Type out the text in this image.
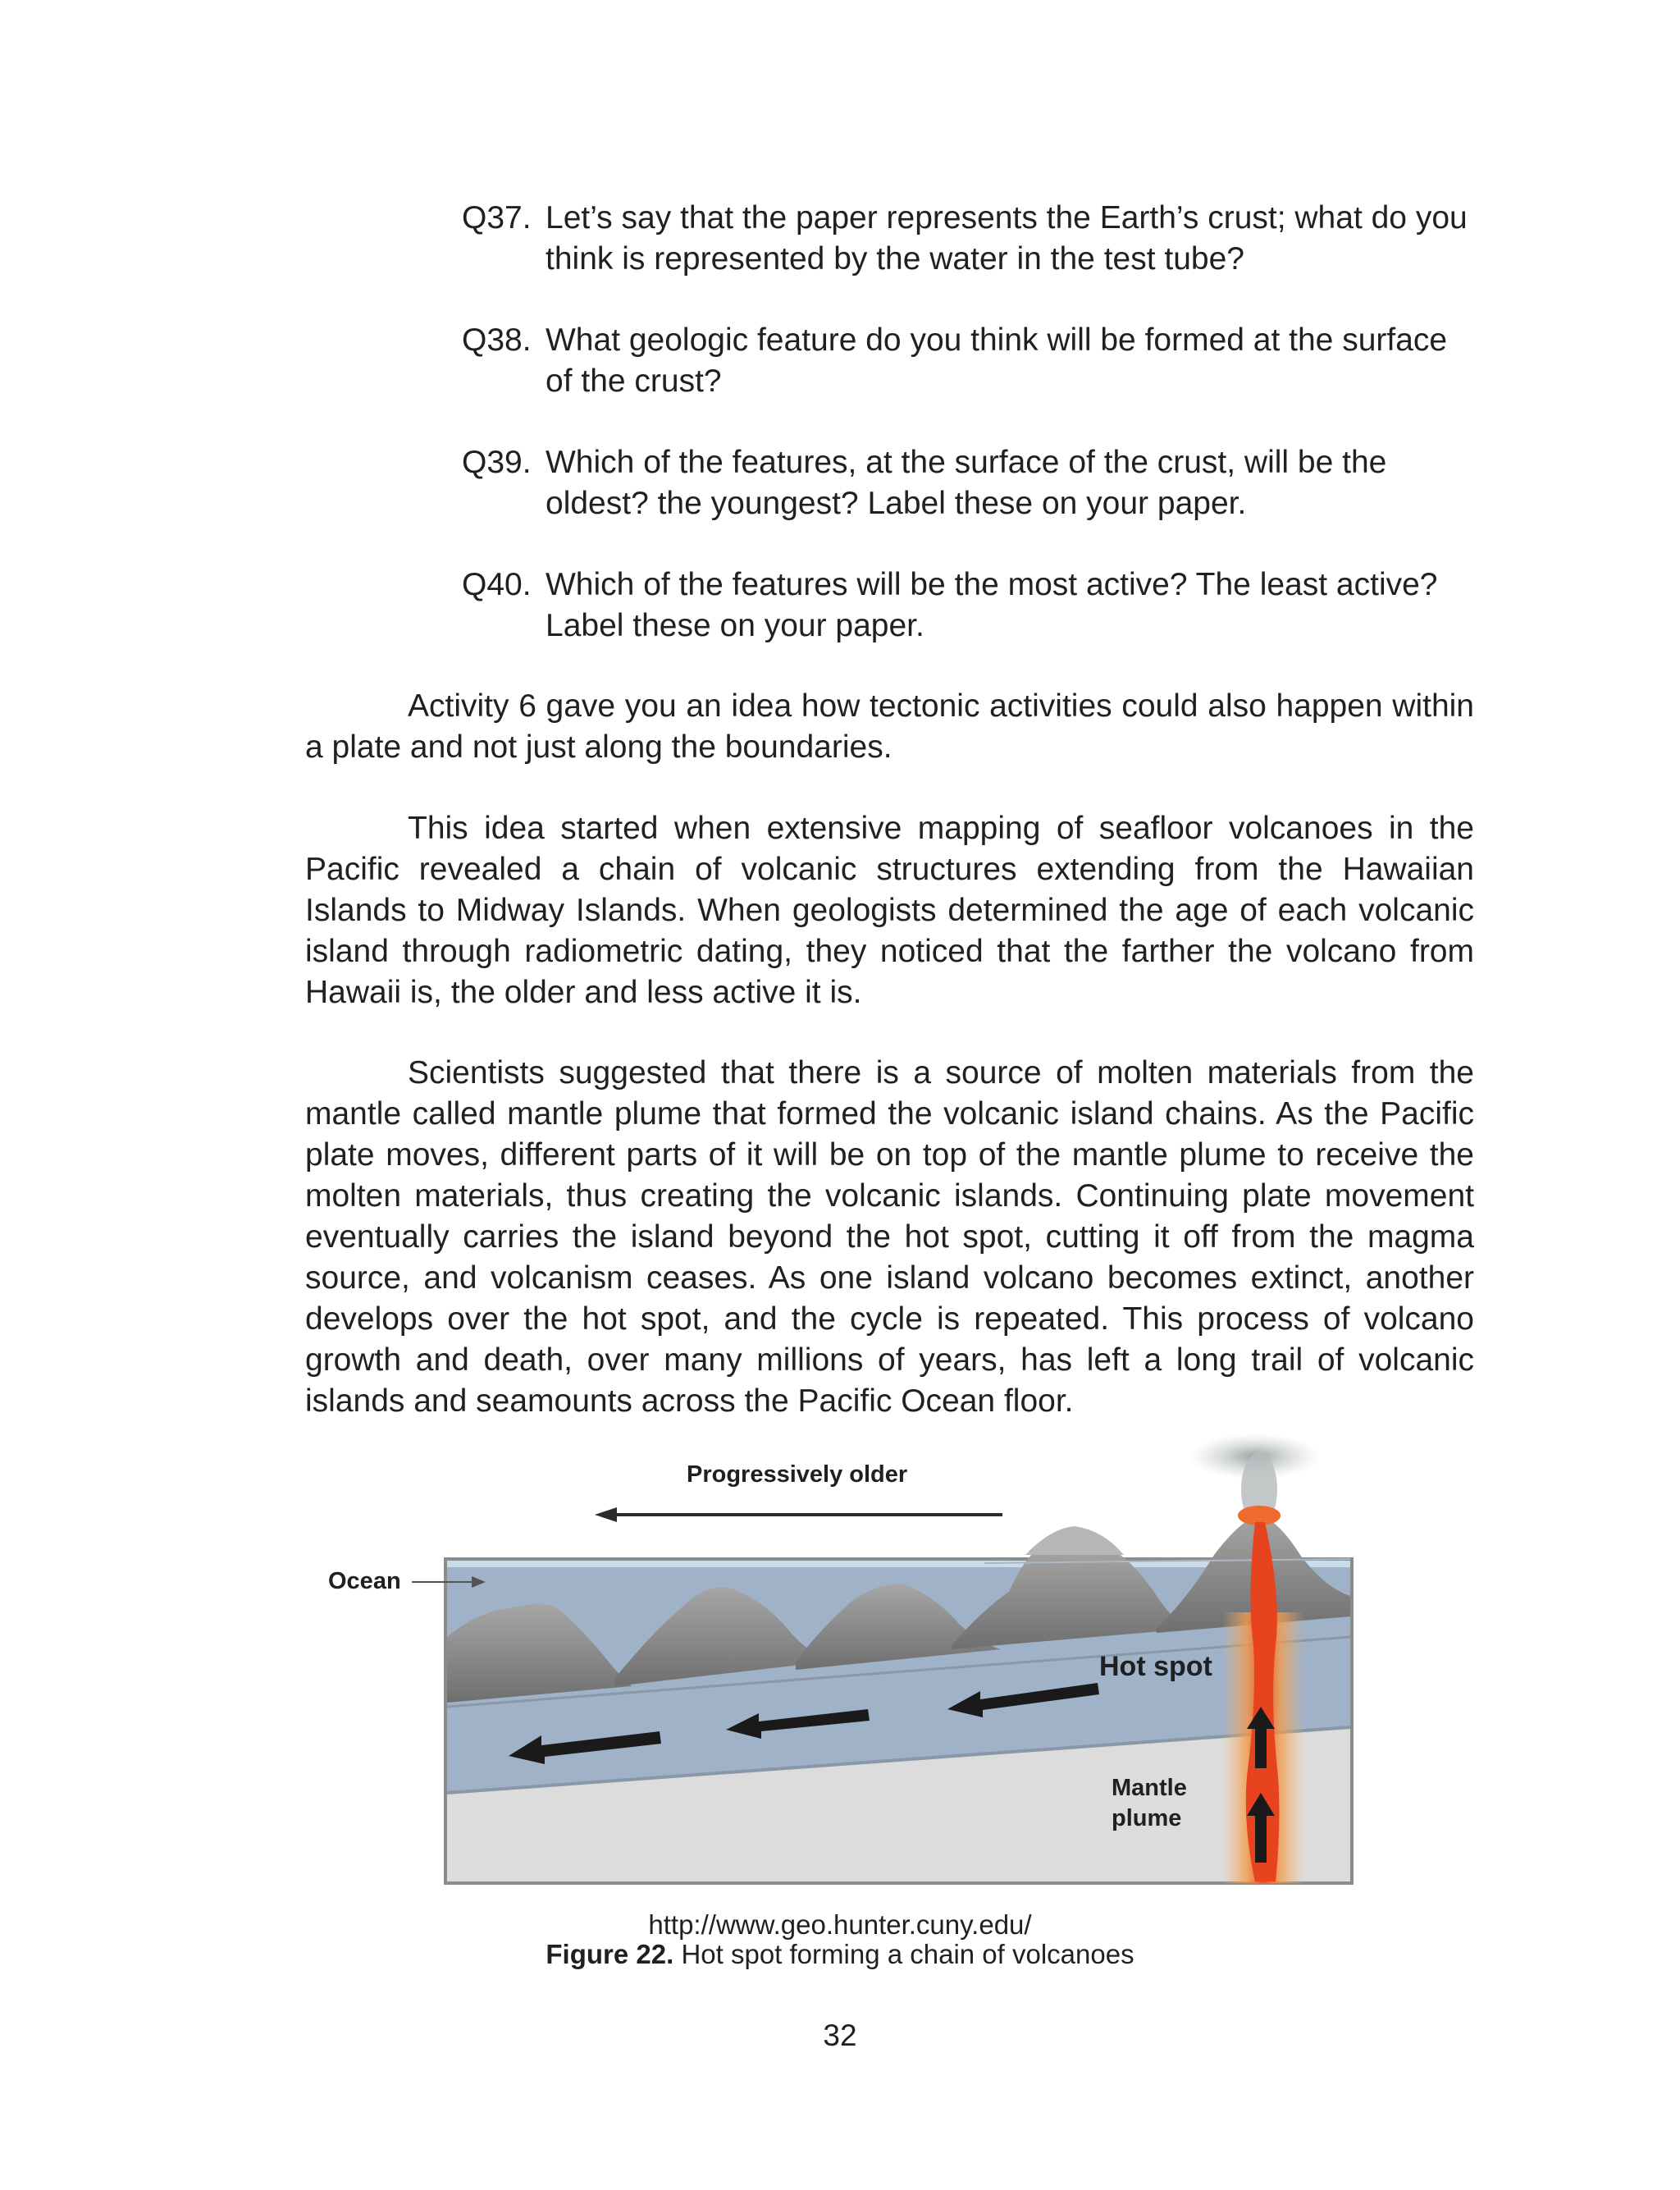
Q37. Let’s say that the paper represents the Earth’s crust; what do you think is represented by the water in the test tube?
Q38. What geologic feature do you think will be formed at the surface of the crust?
Q39. Which of the features, at the surface of the crust, will be the oldest? the youngest? Label these on your paper.
Q40. Which of the features will be the most active? The least active? Label these on your paper.
Activity 6 gave you an idea how tectonic activities could also happen within a plate and not just along the boundaries.
This idea started when extensive mapping of seafloor volcanoes in the Pacific revealed a chain of volcanic structures extending from the Hawaiian Islands to Midway Islands. When geologists determined the age of each volcanic island through radiometric dating, they noticed that the farther the volcano from Hawaii is, the older and less active it is.
Scientists suggested that there is a source of molten materials from the mantle called mantle plume that formed the volcanic island chains. As the Pacific plate moves, different parts of it will be on top of the mantle plume to receive the molten materials, thus creating the volcanic islands. Continuing plate movement eventually carries the island beyond the hot spot, cutting it off from the magma source, and volcanism ceases. As one island volcano becomes extinct, another develops over the hot spot, and the cycle is repeated. This process of volcano growth and death, over many millions of years, has left a long trail of volcanic islands and seamounts across the Pacific Ocean floor.
Progressively older
Ocean
Hot spot
Mantle
plume
http://www.geo.hunter.cuny.edu/
Figure 22. Hot spot forming a chain of volcanoes
32
